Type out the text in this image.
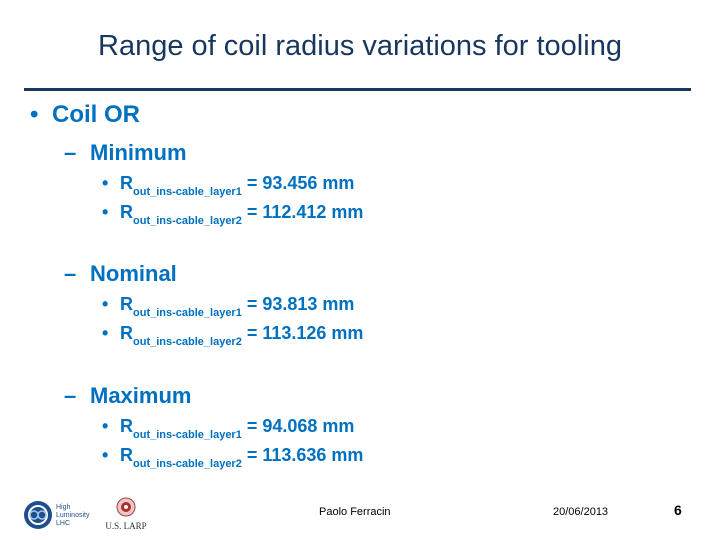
Range of coil radius variations for tooling
• Coil OR
– Minimum
• $R_{out\_ins-cable\_layer1} = 93.456$ mm
• $R_{out\_ins-cable\_layer2} = 112.412$ mm
– Nominal
• $R_{out\_ins-cable\_layer1} = 93.813$ mm
• $R_{out\_ins-cable\_layer2} = 113.126$ mm
– Maximum
• $R_{out\_ins-cable\_layer1} = 94.068$ mm
• $R_{out\_ins-cable\_layer2} = 113.636$ mm
High
Luminosity
LHC	U.S. LARP
Paolo Ferracin	20/06/2013	6
